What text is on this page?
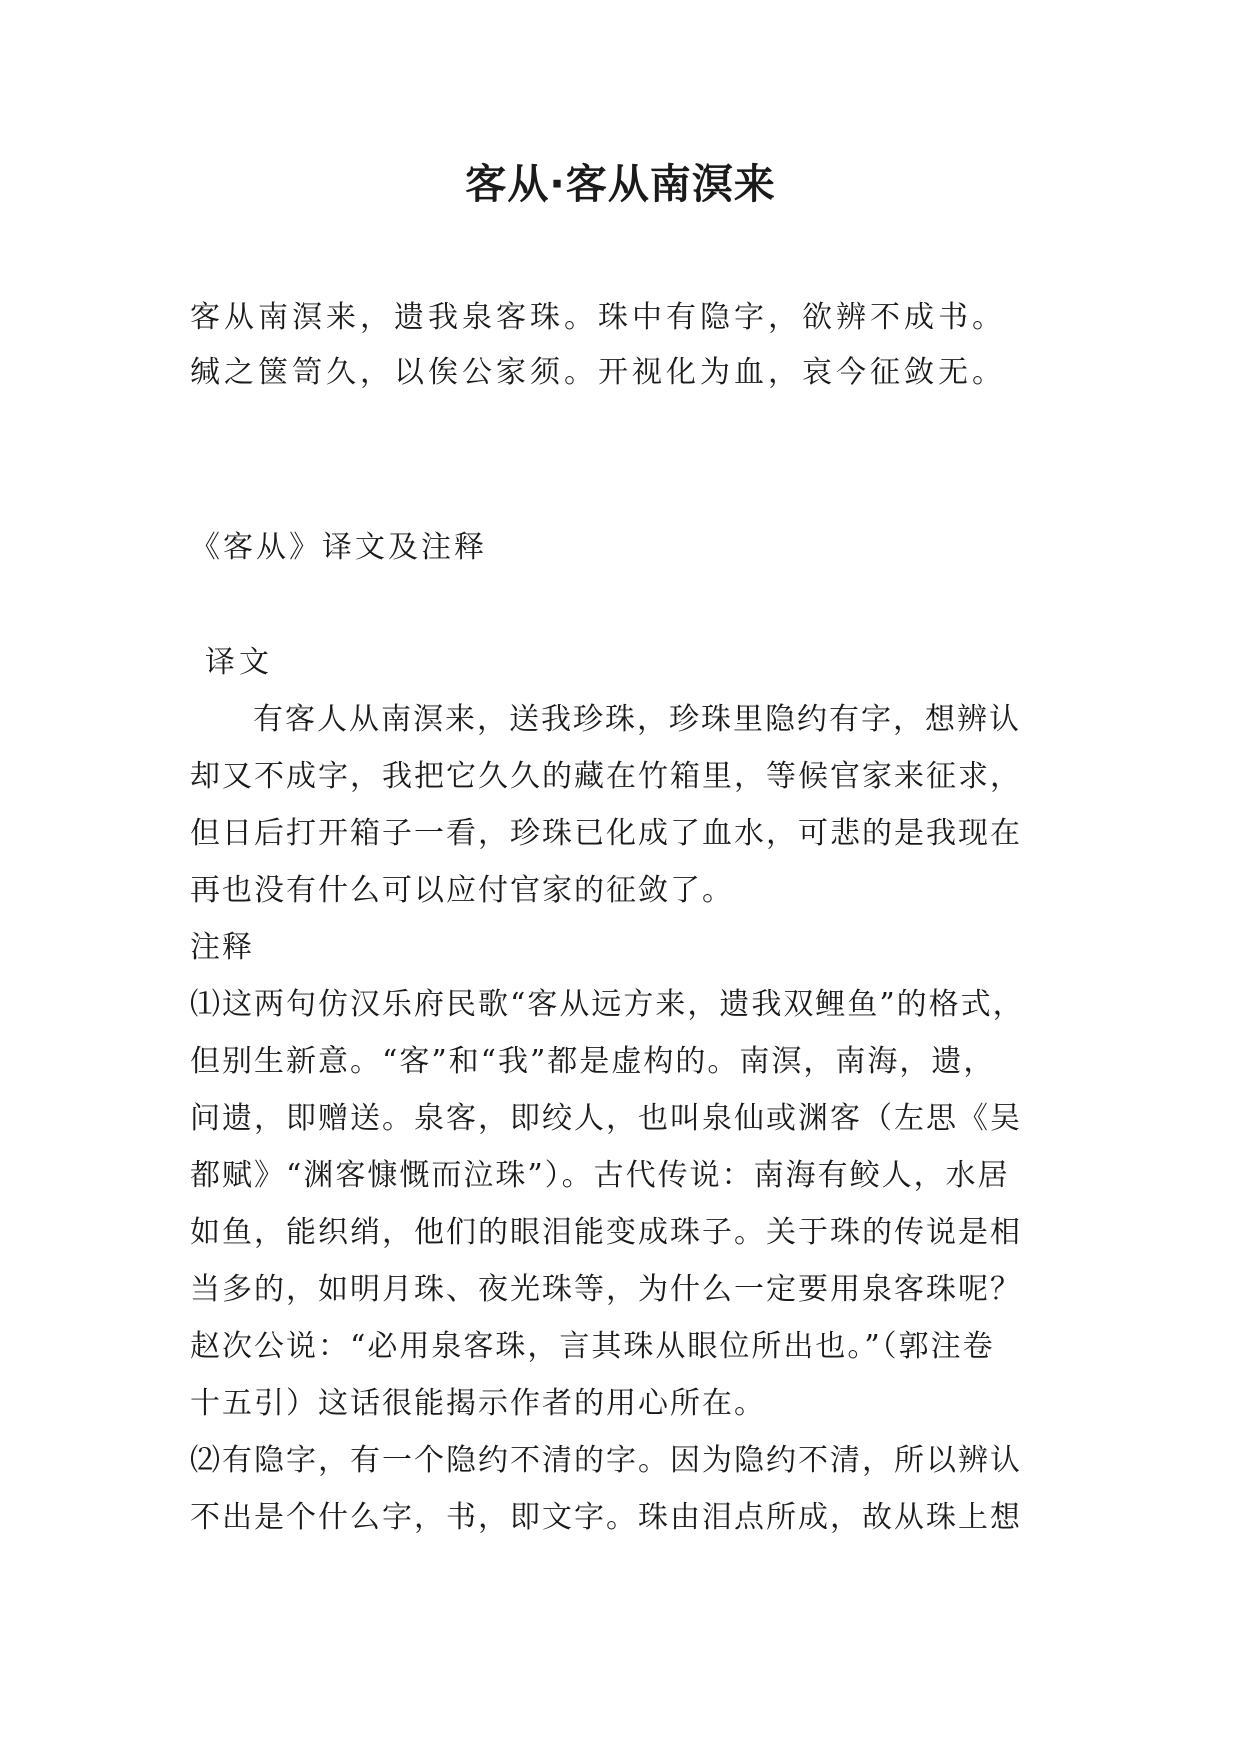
客从·客从南溟来

客从南溟来，遗我泉客珠。珠中有隐字，欲辨不成书。

缄之箧笥久，以俟公家须。开视化为血，哀今征敛无。

《客从》译文及注释

译文

有客人从南溟来，送我珍珠，珍珠里隐约有字，想辨认

却又不成字，我把它久久的藏在竹箱里，等候官家来征求，

但日后打开箱子一看，珍珠已化成了血水，可悲的是我现在

再也没有什么可以应付官家的征敛了。

注释

⑴这两句仿汉乐府民歌“客从远方来，遗我双鲤鱼”的格式，

但别生新意。“客”和“我”都是虚构的。南溟，南海，遗，

问遗，即赠送。泉客，即绞人，也叫泉仙或渊客（左思《吴

都赋》“渊客慷慨而泣珠”）。古代传说：南海有鲛人，水居

如鱼，能织绡，他们的眼泪能变成珠子。关于珠的传说是相

当多的，如明月珠、夜光珠等，为什么一定要用泉客珠呢？

赵次公说：“必用泉客珠，言其珠从眼位所出也。”（郭注卷

十五引）这话很能揭示作者的用心所在。

⑵有隐字，有一个隐约不清的字。因为隐约不清，所以辨认

不出是个什么字，书，即文字。珠由泪点所成，故从珠上想
